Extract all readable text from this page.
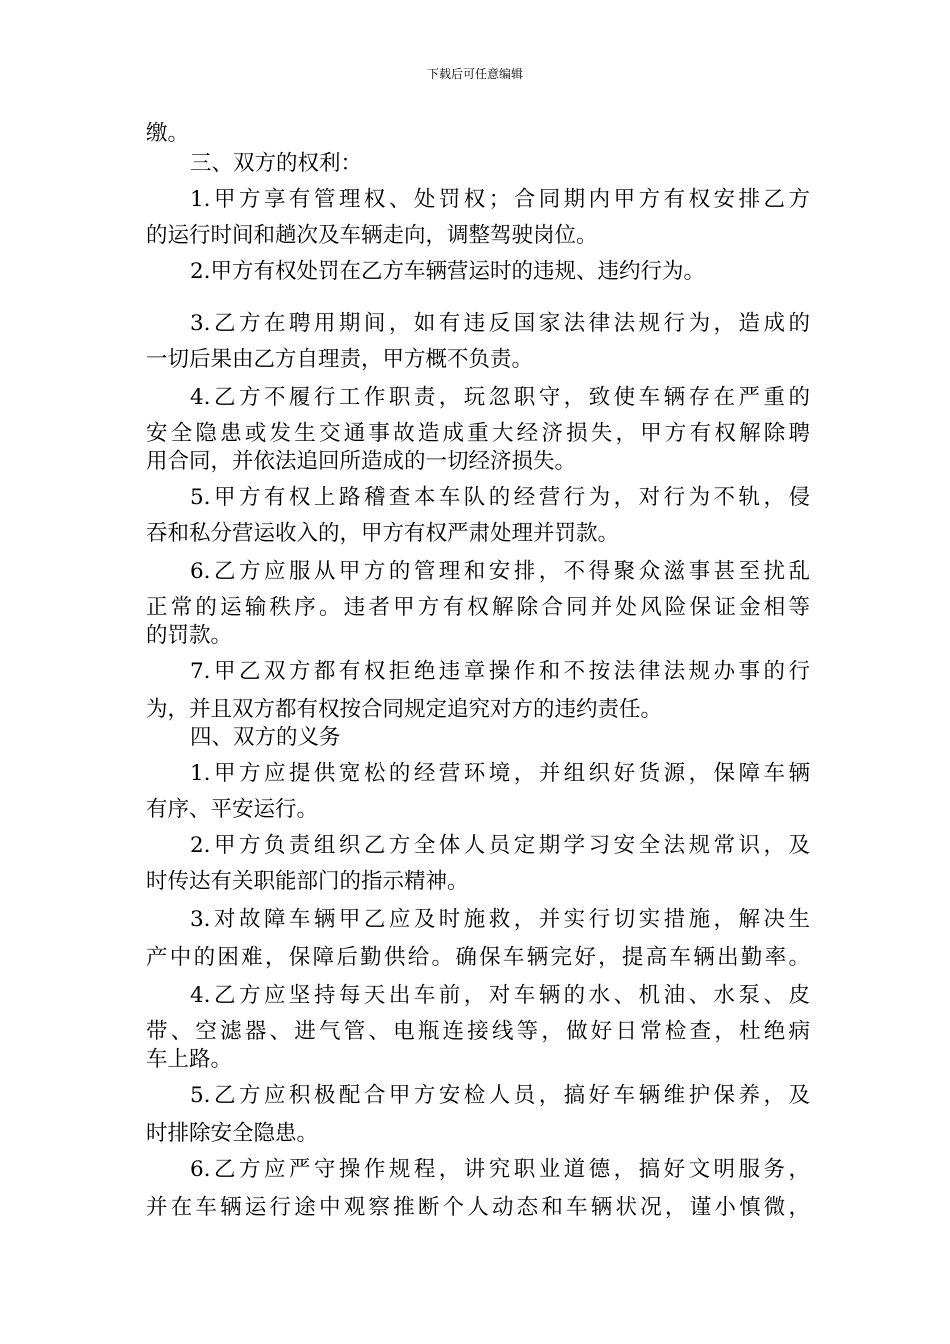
下载后可任意编辑
缴。
三、双方的权利：
1.甲方享有管理权、处罚权；合同期内甲方有权安排乙方
的运行时间和趟次及车辆走向，调整驾驶岗位。
2.甲方有权处罚在乙方车辆营运时的违规、违约行为。
3.乙方在聘用期间，如有违反国家法律法规行为，造成的
一切后果由乙方自理责，甲方概不负责。
4.乙方不履行工作职责，玩忽职守，致使车辆存在严重的
安全隐患或发生交通事故造成重大经济损失，甲方有权解除聘
用合同，并依法追回所造成的一切经济损失。
5.甲方有权上路稽查本车队的经营行为，对行为不轨，侵
吞和私分营运收入的，甲方有权严肃处理并罚款。
6.乙方应服从甲方的管理和安排，不得聚众滋事甚至扰乱
正常的运输秩序。违者甲方有权解除合同并处风险保证金相等
的罚款。
7.甲乙双方都有权拒绝违章操作和不按法律法规办事的行
为，并且双方都有权按合同规定追究对方的违约责任。
四、双方的义务
1.甲方应提供宽松的经营环境，并组织好货源，保障车辆
有序、平安运行。
2.甲方负责组织乙方全体人员定期学习安全法规常识，及
时传达有关职能部门的指示精神。
3.对故障车辆甲乙应及时施救，并实行切实措施，解决生
产中的困难，保障后勤供给。确保车辆完好，提高车辆出勤率。
4.乙方应坚持每天出车前，对车辆的水、机油、水泵、皮
带、空滤器、进气管、电瓶连接线等，做好日常检查，杜绝病
车上路。
5.乙方应积极配合甲方安检人员，搞好车辆维护保养，及
时排除安全隐患。
6.乙方应严守操作规程，讲究职业道德，搞好文明服务，
并在车辆运行途中观察推断个人动态和车辆状况，谨小慎微，
